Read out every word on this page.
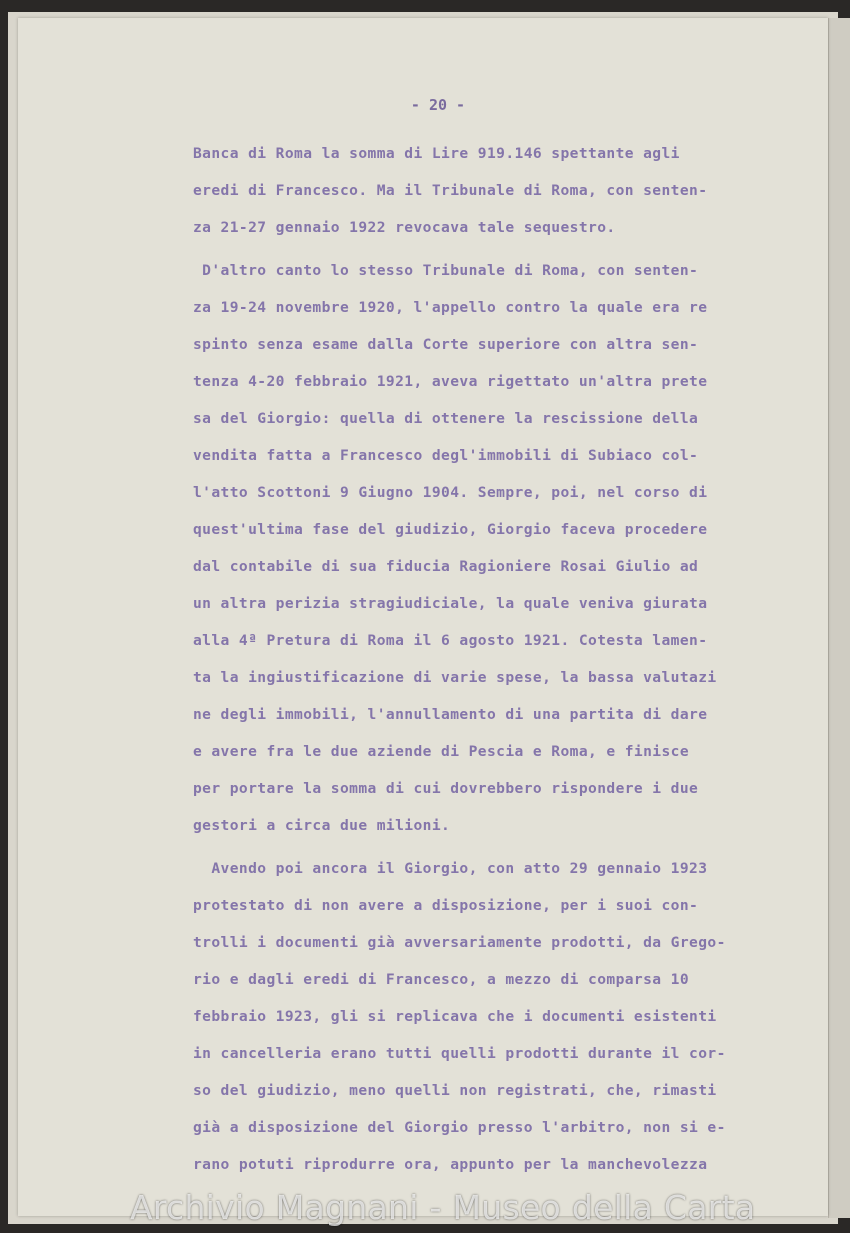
- 20 -
Banca di Roma la somma di Lire 919.146 spettante agli
eredi di Francesco. Ma il Tribunale di Roma, con senten-
za 21-27 gennaio 1922 revocava tale sequestro.
D'altro canto lo stesso Tribunale di Roma, con senten-
za 19-24 novembre 1920, l'appello contro la quale era re
spinto senza esame dalla Corte superiore con altra sen-
tenza 4-20 febbraio 1921, aveva rigettato un'altra prete
sa del Giorgio: quella di ottenere la rescissione della
vendita fatta a Francesco degl'immobili di Subiaco col-
l'atto Scottoni 9 Giugno 1904. Sempre, poi, nel corso di
quest'ultima fase del giudizio, Giorgio faceva procedere
dal contabile di sua fiducia Ragioniere Rosai Giulio ad
un altra perizia stragiudiciale, la quale veniva giurata
alla 4ª Pretura di Roma il 6 agosto 1921. Cotesta lamen-
ta la ingiustificazione di varie spese, la bassa valutazi
ne degli immobili, l'annullamento di una partita di dare
e avere fra le due aziende di Pescia e Roma, e finisce
per portare la somma di cui dovrebbero rispondere i due
gestori a circa due milioni.
Avendo poi ancora il Giorgio, con atto 29 gennaio 1923
protestato di non avere a disposizione, per i suoi con-
trolli i documenti già avversariamente prodotti, da Grego-
rio e dagli eredi di Francesco, a mezzo di comparsa 10
febbraio 1923, gli si replicava che i documenti esistenti
in cancelleria erano tutti quelli prodotti durante il cor-
so del giudizio, meno quelli non registrati, che, rimasti
già a disposizione del Giorgio presso l'arbitro, non si e-
rano potuti riprodurre ora, appunto per la manchevolezza
Archivio Magnani - Museo della Carta
